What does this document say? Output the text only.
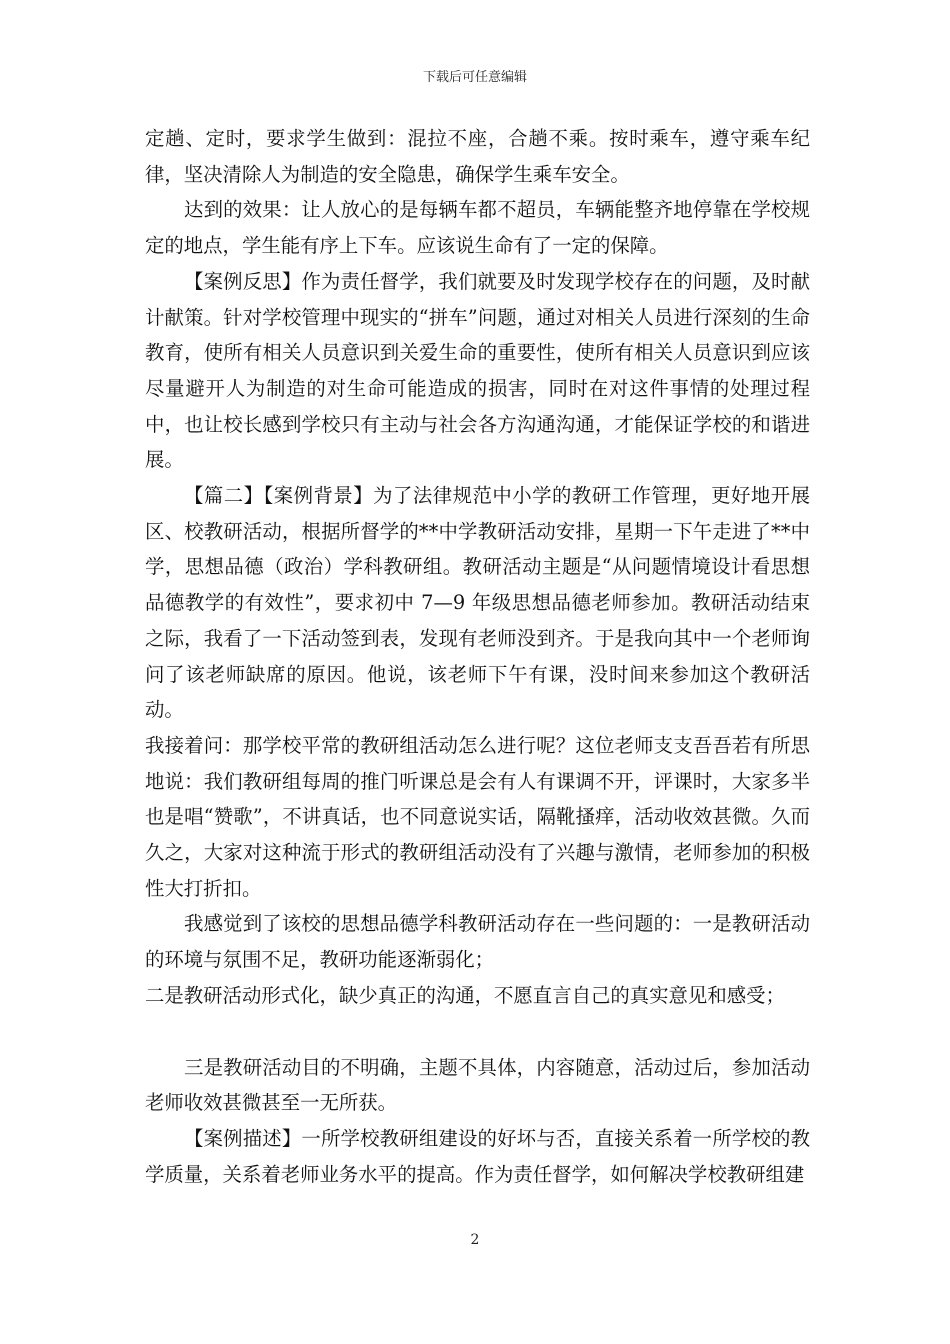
下载后可任意编辑

定趟、定时，要求学生做到：混拉不座，合趟不乘。按时乘车，遵守乘车纪律，坚决清除人为制造的安全隐患，确保学生乘车安全。

达到的效果：让人放心的是每辆车都不超员，车辆能整齐地停靠在学校规定的地点，学生能有序上下车。应该说生命有了一定的保障。

【案例反思】作为责任督学，我们就要及时发现学校存在的问题，及时献计献策。针对学校管理中现实的“拼车”问题，通过对相关人员进行深刻的生命教育，使所有相关人员意识到关爱生命的重要性，使所有相关人员意识到应该尽量避开人为制造的对生命可能造成的损害，同时在对这件事情的处理过程中，也让校长感到学校只有主动与社会各方沟通沟通，才能保证学校的和谐进展。

【篇二】【案例背景】为了法律规范中小学的教研工作管理，更好地开展区、校教研活动，根据所督学的**中学教研活动安排，星期一下午走进了**中学，思想品德（政治）学科教研组。教研活动主题是“从问题情境设计看思想品德教学的有效性”，要求初中 7—9 年级思想品德老师参加。教研活动结束之际，我看了一下活动签到表，发现有老师没到齐。于是我向其中一个老师询问了该老师缺席的原因。他说，该老师下午有课，没时间来参加这个教研活动。

我接着问：那学校平常的教研组活动怎么进行呢？这位老师支支吾吾若有所思地说：我们教研组每周的推门听课总是会有人有课调不开，评课时，大家多半也是唱“赞歌”，不讲真话，也不同意说实话，隔靴搔痒，活动收效甚微。久而久之，大家对这种流于形式的教研组活动没有了兴趣与激情，老师参加的积极性大打折扣。

我感觉到了该校的思想品德学科教研活动存在一些问题的：一是教研活动的环境与氛围不足，教研功能逐渐弱化；

二是教研活动形式化，缺少真正的沟通，不愿直言自己的真实意见和感受；

三是教研活动目的不明确，主题不具体，内容随意，活动过后，参加活动老师收效甚微甚至一无所获。

【案例描述】一所学校教研组建设的好坏与否，直接关系着一所学校的教学质量，关系着老师业务水平的提高。作为责任督学，如何解决学校教研组建

2
